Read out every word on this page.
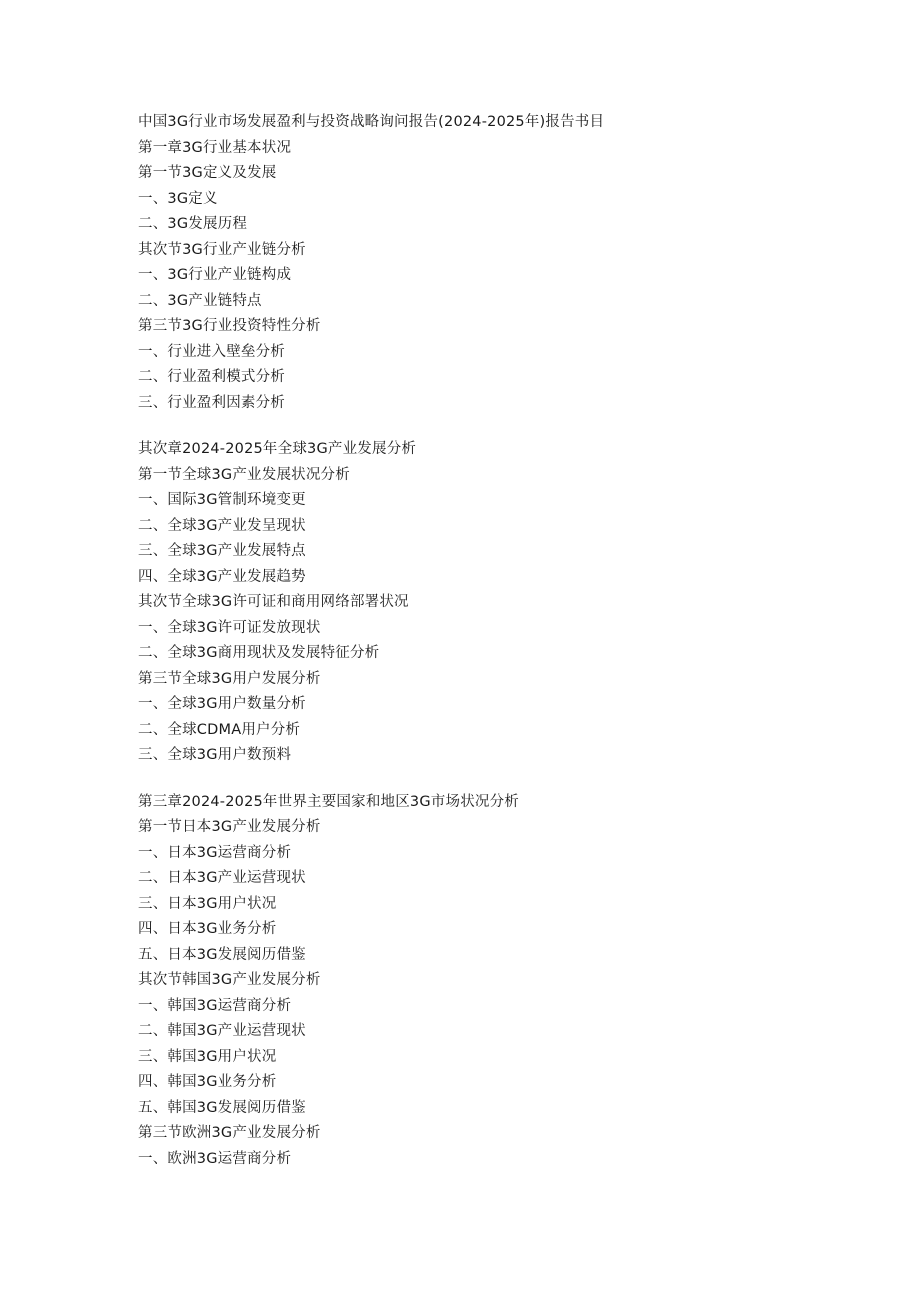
中国3G行业市场发展盈利与投资战略询问报告(2024-2025年)报告书目
第一章3G行业基本状况
第一节3G定义及发展
一、3G定义
二、3G发展历程
其次节3G行业产业链分析
一、3G行业产业链构成
二、3G产业链特点
第三节3G行业投资特性分析
一、行业进入壁垒分析
二、行业盈利模式分析
三、行业盈利因素分析
其次章2024-2025年全球3G产业发展分析
第一节全球3G产业发展状况分析
一、国际3G管制环境变更
二、全球3G产业发呈现状
三、全球3G产业发展特点
四、全球3G产业发展趋势
其次节全球3G许可证和商用网络部署状况
一、全球3G许可证发放现状
二、全球3G商用现状及发展特征分析
第三节全球3G用户发展分析
一、全球3G用户数量分析
二、全球CDMA用户分析
三、全球3G用户数预料
第三章2024-2025年世界主要国家和地区3G市场状况分析
第一节日本3G产业发展分析
一、日本3G运营商分析
二、日本3G产业运营现状
三、日本3G用户状况
四、日本3G业务分析
五、日本3G发展阅历借鉴
其次节韩国3G产业发展分析
一、韩国3G运营商分析
二、韩国3G产业运营现状
三、韩国3G用户状况
四、韩国3G业务分析
五、韩国3G发展阅历借鉴
第三节欧洲3G产业发展分析
一、欧洲3G运营商分析
